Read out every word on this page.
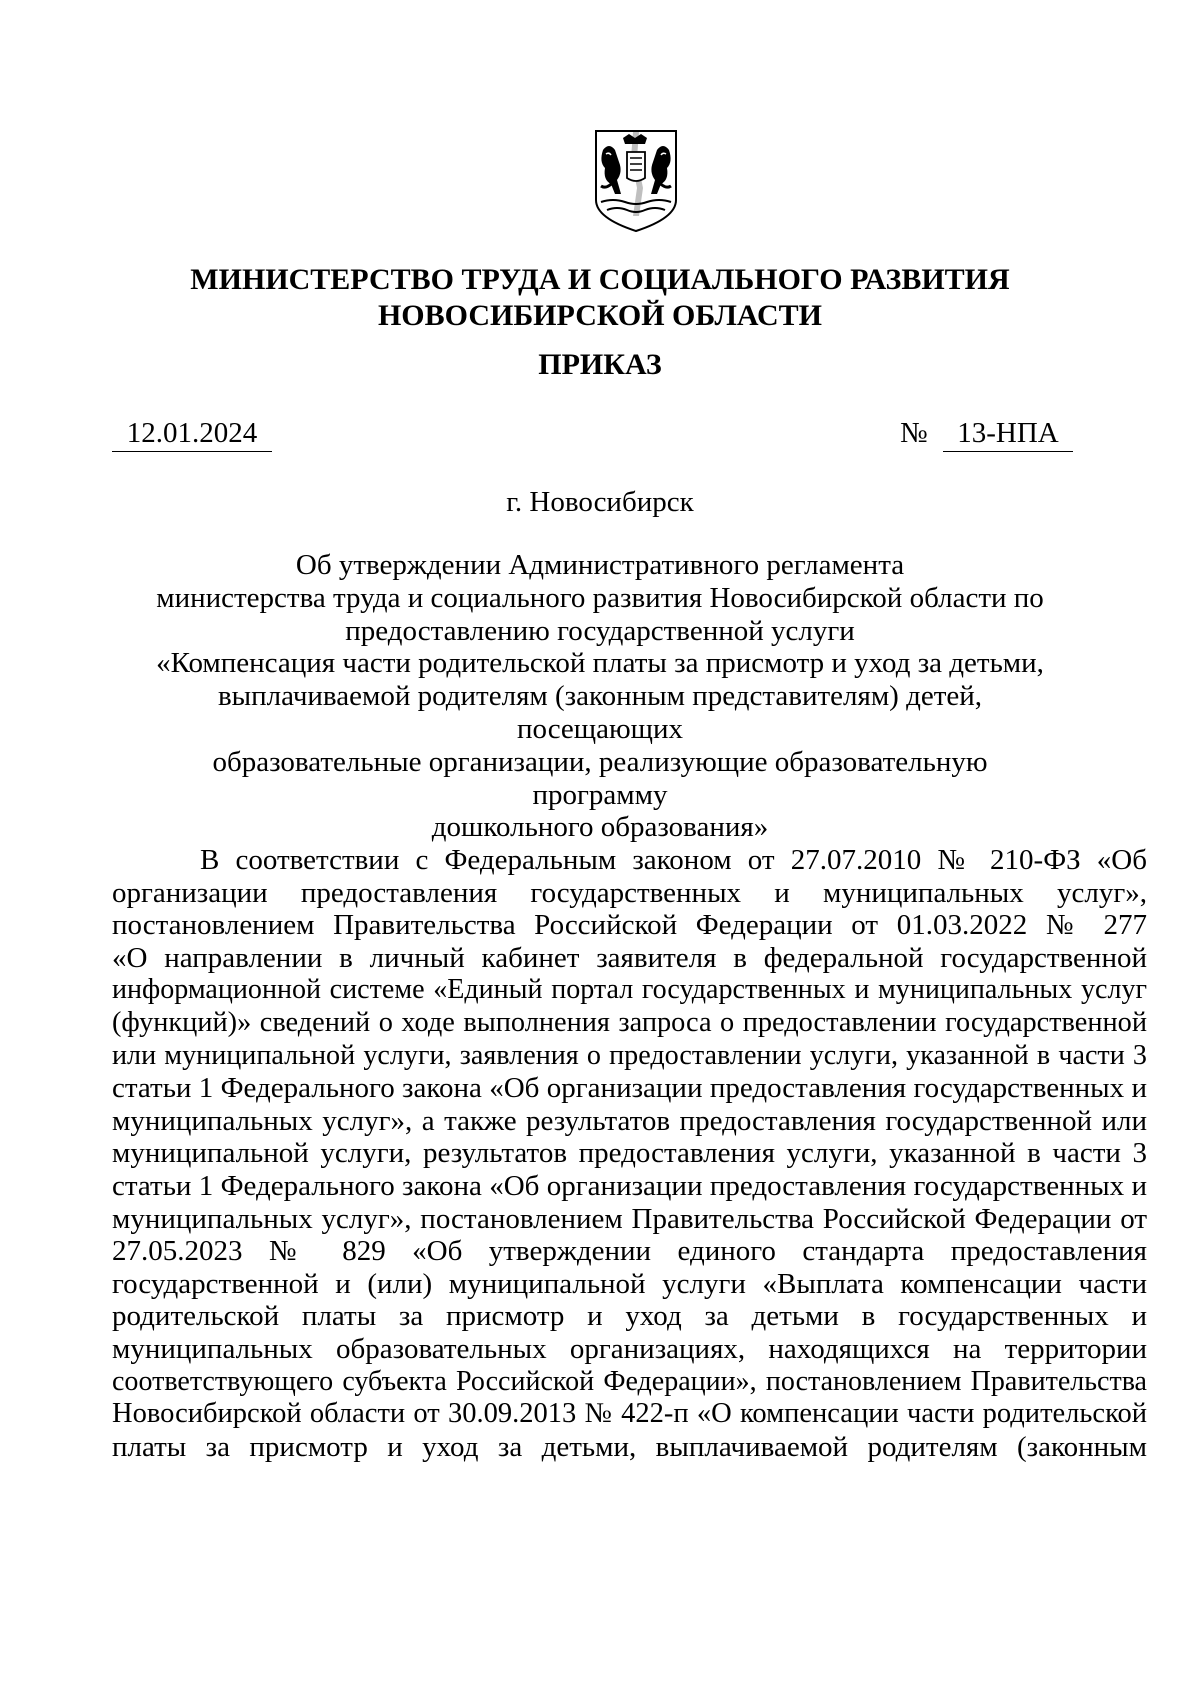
МИНИСТЕРСТВО ТРУДА И СОЦИАЛЬНОГО РАЗВИТИЯ
НОВОСИБИРСКОЙ ОБЛАСТИ
ПРИКАЗ
12.01.2024	№	13-НПА
г. Новосибирск
Об утверждении Административного регламента
министерства труда и социального развития Новосибирской области по
предоставлению государственной услуги
«Компенсация части родительской платы за присмотр и уход за детьми,
выплачиваемой родителям (законным представителям) детей, посещающих
образовательные организации, реализующие образовательную программу
дошкольного образования»
В соответствии с Федеральным законом от 27.07.2010 № 210-ФЗ «Об
организации предоставления государственных и муниципальных услуг»,
постановлением Правительства Российской Федерации от 01.03.2022 № 277
«О направлении в личный кабинет заявителя в федеральной государственной
информационной системе «Единый портал государственных и муниципальных услуг
(функций)» сведений о ходе выполнения запроса о предоставлении государственной
или муниципальной услуги, заявления о предоставлении услуги, указанной в части 3
статьи 1 Федерального закона «Об организации предоставления государственных и
муниципальных услуг», а также результатов предоставления государственной или
муниципальной услуги, результатов предоставления услуги, указанной в части 3
статьи 1 Федерального закона «Об организации предоставления государственных и
муниципальных услуг», постановлением Правительства Российской Федерации от
27.05.2023 № 829 «Об утверждении единого стандарта предоставления
государственной и (или) муниципальной услуги «Выплата компенсации части
родительской платы за присмотр и уход за детьми в государственных и
муниципальных образовательных организациях, находящихся на территории
соответствующего субъекта Российской Федерации», постановлением Правительства
Новосибирской области от 30.09.2013 № 422-п «О компенсации части родительской
платы за присмотр и уход за детьми, выплачиваемой родителям (законным
